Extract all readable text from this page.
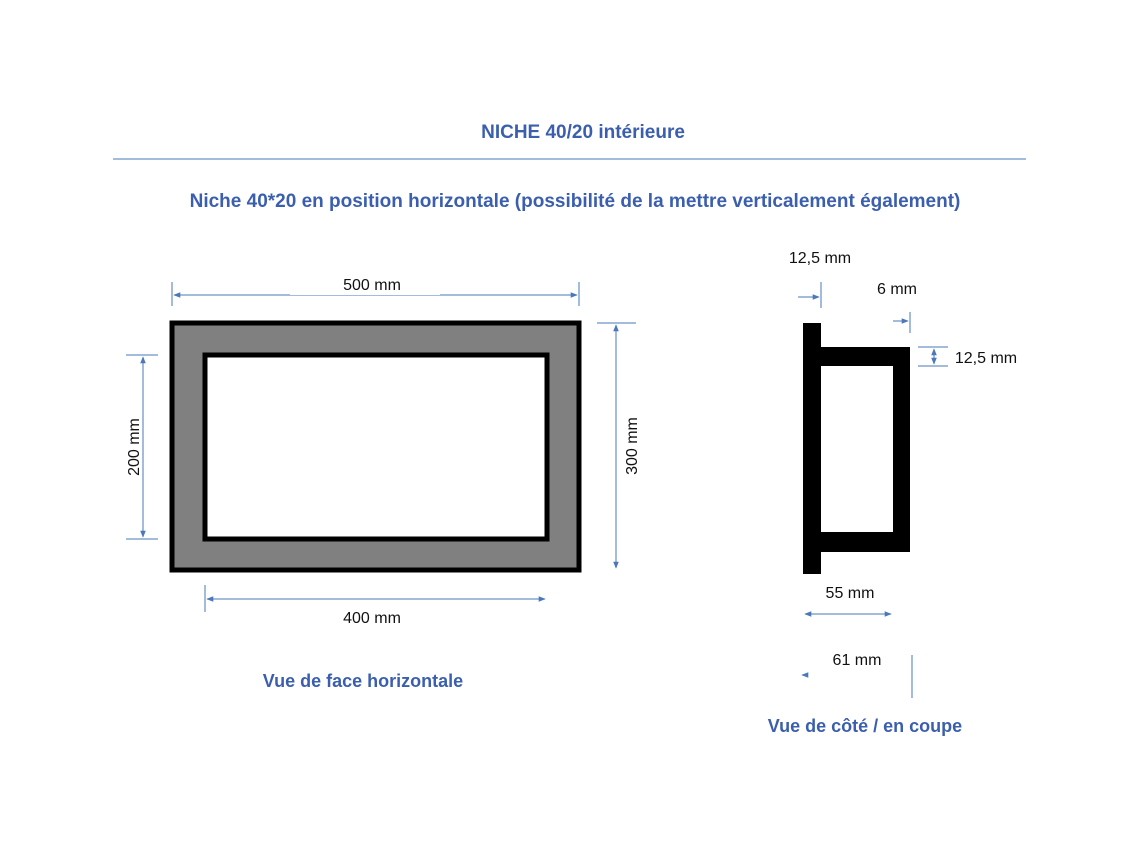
NICHE 40/20 intérieure
Niche 40*20 en position horizontale (possibilité de la mettre verticalement également)
500 mm
400 mm
200 mm	300 mm
Vue de face horizontale
12,5 mm
6 mm
12,5 mm
55 mm
61 mm
Vue de côté / en coupe
